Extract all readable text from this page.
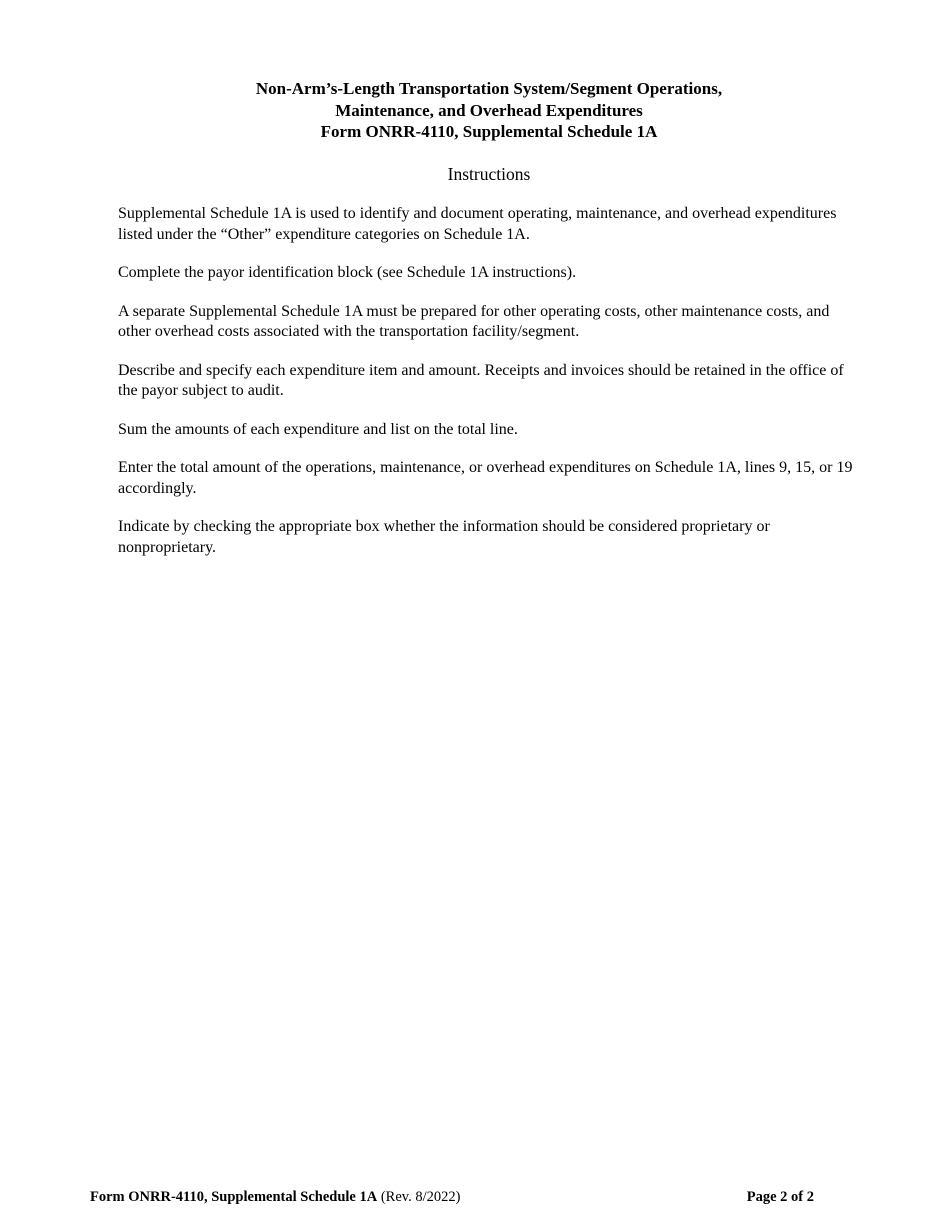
Non-Arm’s-Length Transportation System/Segment Operations,
Maintenance, and Overhead Expenditures
Form ONRR-4110, Supplemental Schedule 1A
Instructions

Supplemental Schedule 1A is used to identify and document operating, maintenance, and overhead expenditures listed under the “Other” expenditure categories on Schedule 1A.

Complete the payor identification block (see Schedule 1A instructions).

A separate Supplemental Schedule 1A must be prepared for other operating costs, other maintenance costs, and other overhead costs associated with the transportation facility/segment.

Describe and specify each expenditure item and amount. Receipts and invoices should be retained in the office of the payor subject to audit.

Sum the amounts of each expenditure and list on the total line.

Enter the total amount of the operations, maintenance, or overhead expenditures on Schedule 1A, lines 9, 15, or 19 accordingly.

Indicate by checking the appropriate box whether the information should be considered proprietary or nonproprietary.

Form ONRR-4110, Supplemental Schedule 1A (Rev. 8/2022)	Page 2 of 2
